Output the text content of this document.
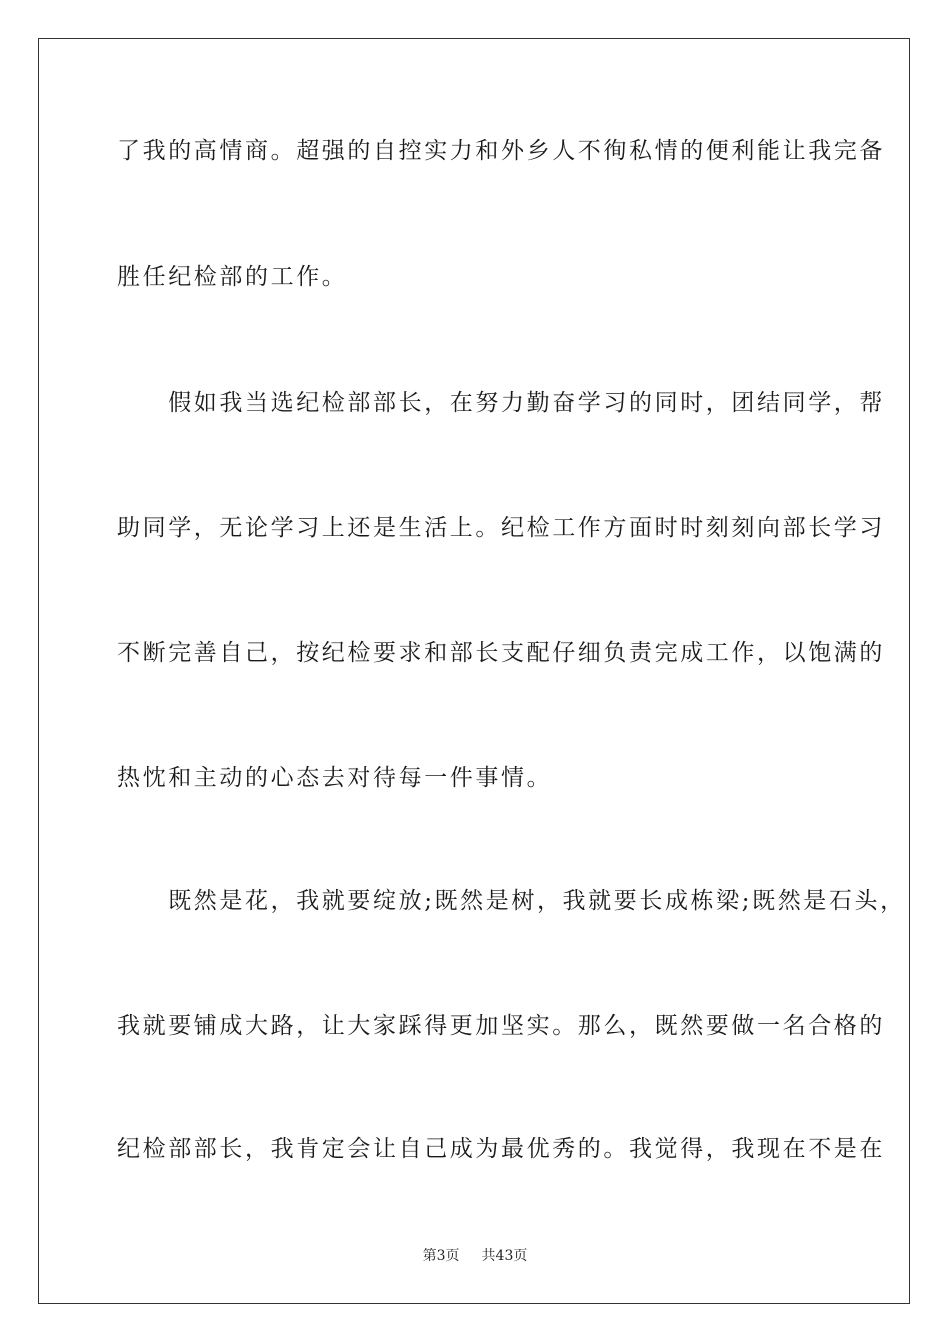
了我的高情商。超强的自控实力和外乡人不徇私情的便利能让我完备
胜任纪检部的工作。
　　假如我当选纪检部部长，在努力勤奋学习的同时，团结同学，帮
助同学，无论学习上还是生活上。纪检工作方面时时刻刻向部长学习
不断完善自己，按纪检要求和部长支配仔细负责完成工作，以饱满的
热忱和主动的心态去对待每一件事情。
　　既然是花，我就要绽放;既然是树，我就要长成栋梁;既然是石头，
我就要铺成大路，让大家踩得更加坚实。那么，既然要做一名合格的
纪检部部长，我肯定会让自己成为最优秀的。我觉得，我现在不是在
第3页 共43页
